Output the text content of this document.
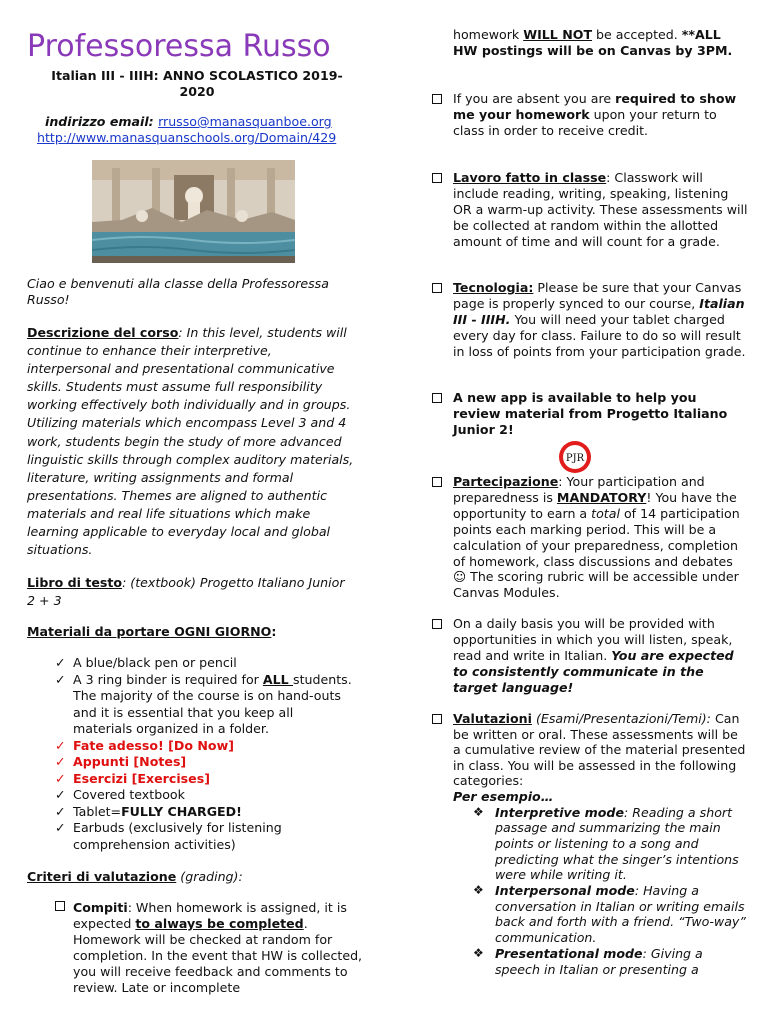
Professoressa Russo
Italian III - IIIH: ANNO SCOLASTICO 2019-2020
indirizzo email: rrusso@manasquanboe.org
http://www.manasquanschools.org/Domain/429
Ciao e benvenuti alla classe della Professoressa Russo!
Descrizione del corso: In this level, students will continue to enhance their interpretive, interpersonal and presentational communicative skills. Students must assume full responsibility working effectively both individually and in groups. Utilizing materials which encompass Level 3 and 4 work, students begin the study of more advanced linguistic skills through complex auditory materials, literature, writing assignments and formal presentations. Themes are aligned to authentic materials and real life situations which make learning applicable to everyday local and global situations.
Libro di testo: (textbook) Progetto Italiano Junior 2 + 3
Materiali da portare OGNI GIORNO:
✓ A blue/black pen or pencil
✓ A 3 ring binder is required for ALL students. The majority of the course is on hand-outs and it is essential that you keep all materials organized in a folder.
✓ Fate adesso! [Do Now]
✓ Appunti [Notes]
✓ Esercizi [Exercises]
✓ Covered textbook
✓ Tablet=FULLY CHARGED!
✓ Earbuds (exclusively for listening comprehension activities)
Criteri di valutazione (grading):
Compiti: When homework is assigned, it is expected to always be completed. Homework will be checked at random for completion. In the event that HW is collected, you will receive feedback and comments to review. Late or incomplete
homework WILL NOT be accepted. **ALL HW postings will be on Canvas by 3PM.
If you are absent you are required to show me your homework upon your return to class in order to receive credit.
Lavoro fatto in classe: Classwork will include reading, writing, speaking, listening OR a warm-up activity. These assessments will be collected at random within the allotted amount of time and will count for a grade.
Tecnologia: Please be sure that your Canvas page is properly synced to our course, Italian III - IIIH. You will need your tablet charged every day for class. Failure to do so will result in loss of points from your participation grade.
A new app is available to help you review material from Progetto Italiano Junior 2!
PJR
Partecipazione: Your participation and preparedness is MANDATORY! You have the opportunity to earn a total of 14 participation points each marking period. This will be a calculation of your preparedness, completion of homework, class discussions and debates ☺ The scoring rubric will be accessible under Canvas Modules.
On a daily basis you will be provided with opportunities in which you will listen, speak, read and write in Italian. You are expected to consistently communicate in the target language!
Valutazioni (Esami/Presentazioni/Temi): Can be written or oral. These assessments will be a cumulative review of the material presented in class. You will be assessed in the following categories:
Per esempio…
❖ Interpretive mode: Reading a short passage and summarizing the main points or listening to a song and predicting what the singer’s intentions were while writing it.
❖ Interpersonal mode: Having a conversation in Italian or writing emails back and forth with a friend. “Two-way” communication.
❖ Presentational mode: Giving a speech in Italian or presenting a
